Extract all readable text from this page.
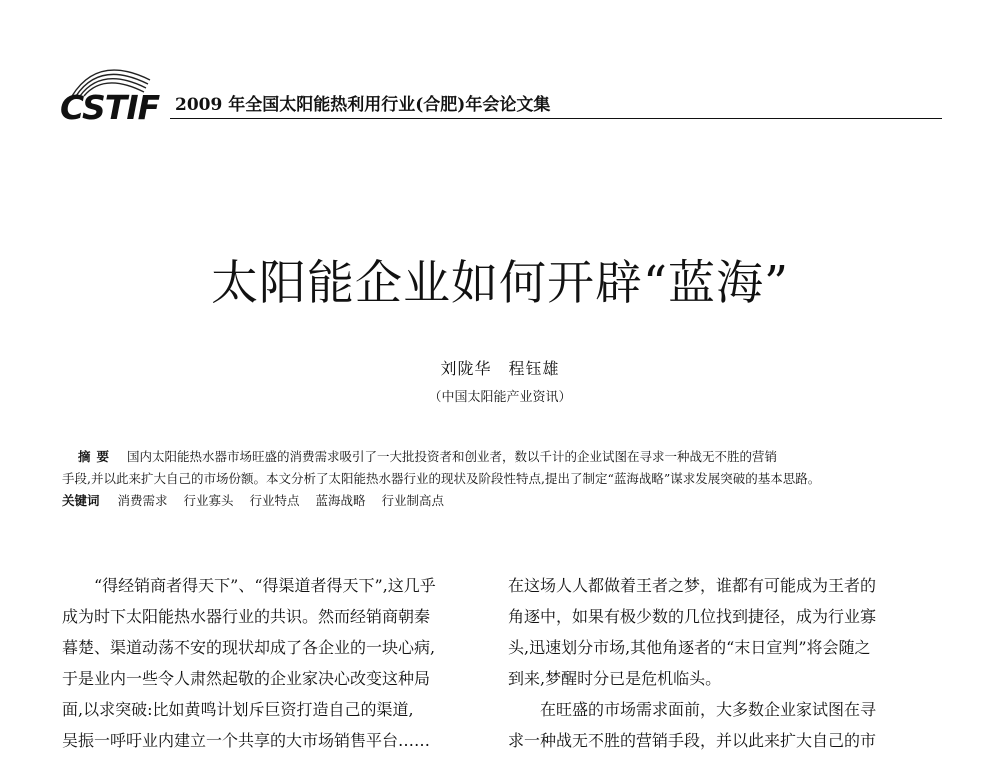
CSTIF 2009 年全国太阳能热利用行业(合肥)年会论文集
太阳能企业如何开辟“蓝海”
刘陇华　程钰雄
（中国太阳能产业资讯）

摘要 国内太阳能热水器市场旺盛的消费需求吸引了一大批投资者和创业者，数以千计的企业试图在寻求一种战无不胜的营销

手段,并以此来扩大自己的市场份额。本文分析了太阳能热水器行业的现状及阶段性特点,提出了制定“蓝海战略”谋求发展突破的基本思路。

关键词 消费需求 行业寡头 行业特点 蓝海战略 行业制高点

“得经销商者得天下”、“得渠道者得天下”,这几乎

成为时下太阳能热水器行业的共识。然而经销商朝秦

暮楚、渠道动荡不安的现状却成了各企业的一块心病,

于是业内一些令人肃然起敬的企业家决心改变这种局

面,以求突破:比如黄鸣计划斥巨资打造自己的渠道,

吴振一呼吁业内建立一个共享的大市场销售平台……

在这场人人都做着王者之梦，谁都有可能成为王者的

角逐中，如果有极少数的几位找到捷径，成为行业寡

头,迅速划分市场,其他角逐者的“末日宣判”将会随之

到来,梦醒时分已是危机临头。

在旺盛的市场需求面前，大多数企业家试图在寻

求一种战无不胜的营销手段，并以此来扩大自己的市
